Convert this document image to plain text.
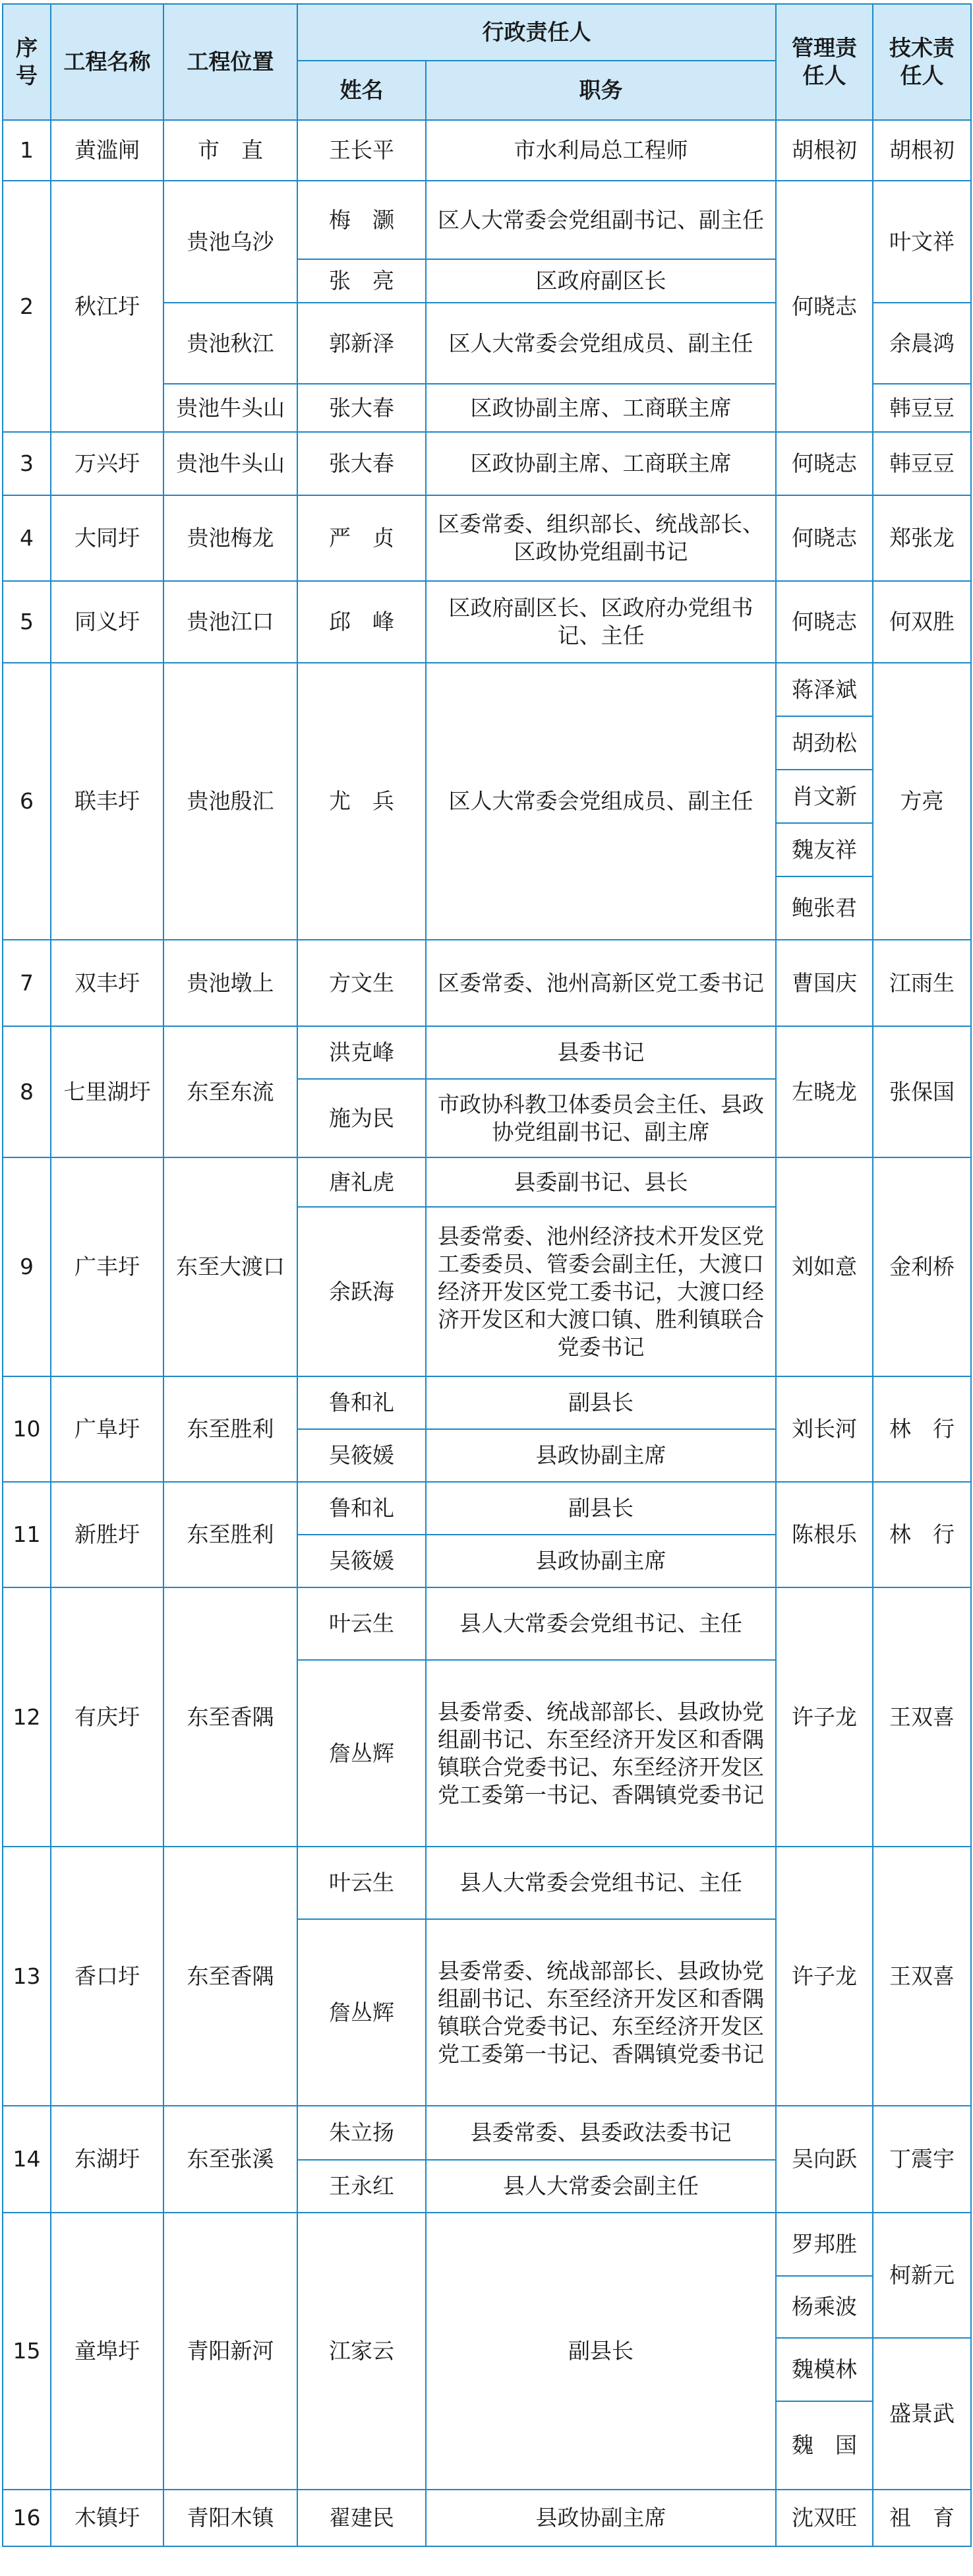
序号	工程名称	工程位置	行政责任人		管理责任人	技术责任人
			姓名	职务		
1	黄滥闸	市　直	王长平	市水利局总工程师	胡根初	胡根初
2	秋江圩	贵池乌沙	梅　灏	区人大常委会党组副书记、副主任	何晓志	叶文祥
			张　亮	区政府副区长		
		贵池秋江	郭新泽	区人大常委会党组成员、副主任		余晨鸿
		贵池牛头山	张大春	区政协副主席、工商联主席		韩豆豆
3	万兴圩	贵池牛头山	张大春	区政协副主席、工商联主席	何晓志	韩豆豆
4	大同圩	贵池梅龙	严　贞	区委常委、组织部长、统战部长、区政协党组副书记	何晓志	郑张龙
5	同义圩	贵池江口	邱　峰	区政府副区长、区政府办党组书记、主任	何晓志	何双胜
6	联丰圩	贵池殷汇	尤　兵	区人大常委会党组成员、副主任	蒋泽斌	方亮
					胡劲松	
					肖文新	
					魏友祥	
					鲍张君	
7	双丰圩	贵池墩上	方文生	区委常委、池州高新区党工委书记	曹国庆	江雨生
8	七里湖圩	东至东流	洪克峰	县委书记	左晓龙	张保国
			施为民	市政协科教卫体委员会主任、县政协党组副书记、副主席		
9	广丰圩	东至大渡口	唐礼虎	县委副书记、县长	刘如意	金利桥
			余跃海	县委常委、池州经济技术开发区党工委委员、管委会副主任，大渡口经济开发区党工委书记，大渡口经济开发区和大渡口镇、胜利镇联合党委书记		
10	广阜圩	东至胜利	鲁和礼	副县长	刘长河	林　行
			吴筱媛	县政协副主席		
11	新胜圩	东至胜利	鲁和礼	副县长	陈根乐	林　行
			吴筱媛	县政协副主席		
12	有庆圩	东至香隅	叶云生	县人大常委会党组书记、主任	许子龙	王双喜
			詹丛辉	县委常委、统战部部长、县政协党组副书记、东至经济开发区和香隅镇联合党委书记、东至经济开发区党工委第一书记、香隅镇党委书记		
13	香口圩	东至香隅	叶云生	县人大常委会党组书记、主任	许子龙	王双喜
			詹丛辉	县委常委、统战部部长、县政协党组副书记、东至经济开发区和香隅镇联合党委书记、东至经济开发区党工委第一书记、香隅镇党委书记		
14	东湖圩	东至张溪	朱立扬	县委常委、县委政法委书记	吴向跃	丁震宇
			王永红	县人大常委会副主任		
15	童埠圩	青阳新河	江家云	副县长	罗邦胜	柯新元
					杨乘波	
					魏模林	盛景武
					魏　国	
16	木镇圩	青阳木镇	翟建民	县政协副主席	沈双旺	祖　育
